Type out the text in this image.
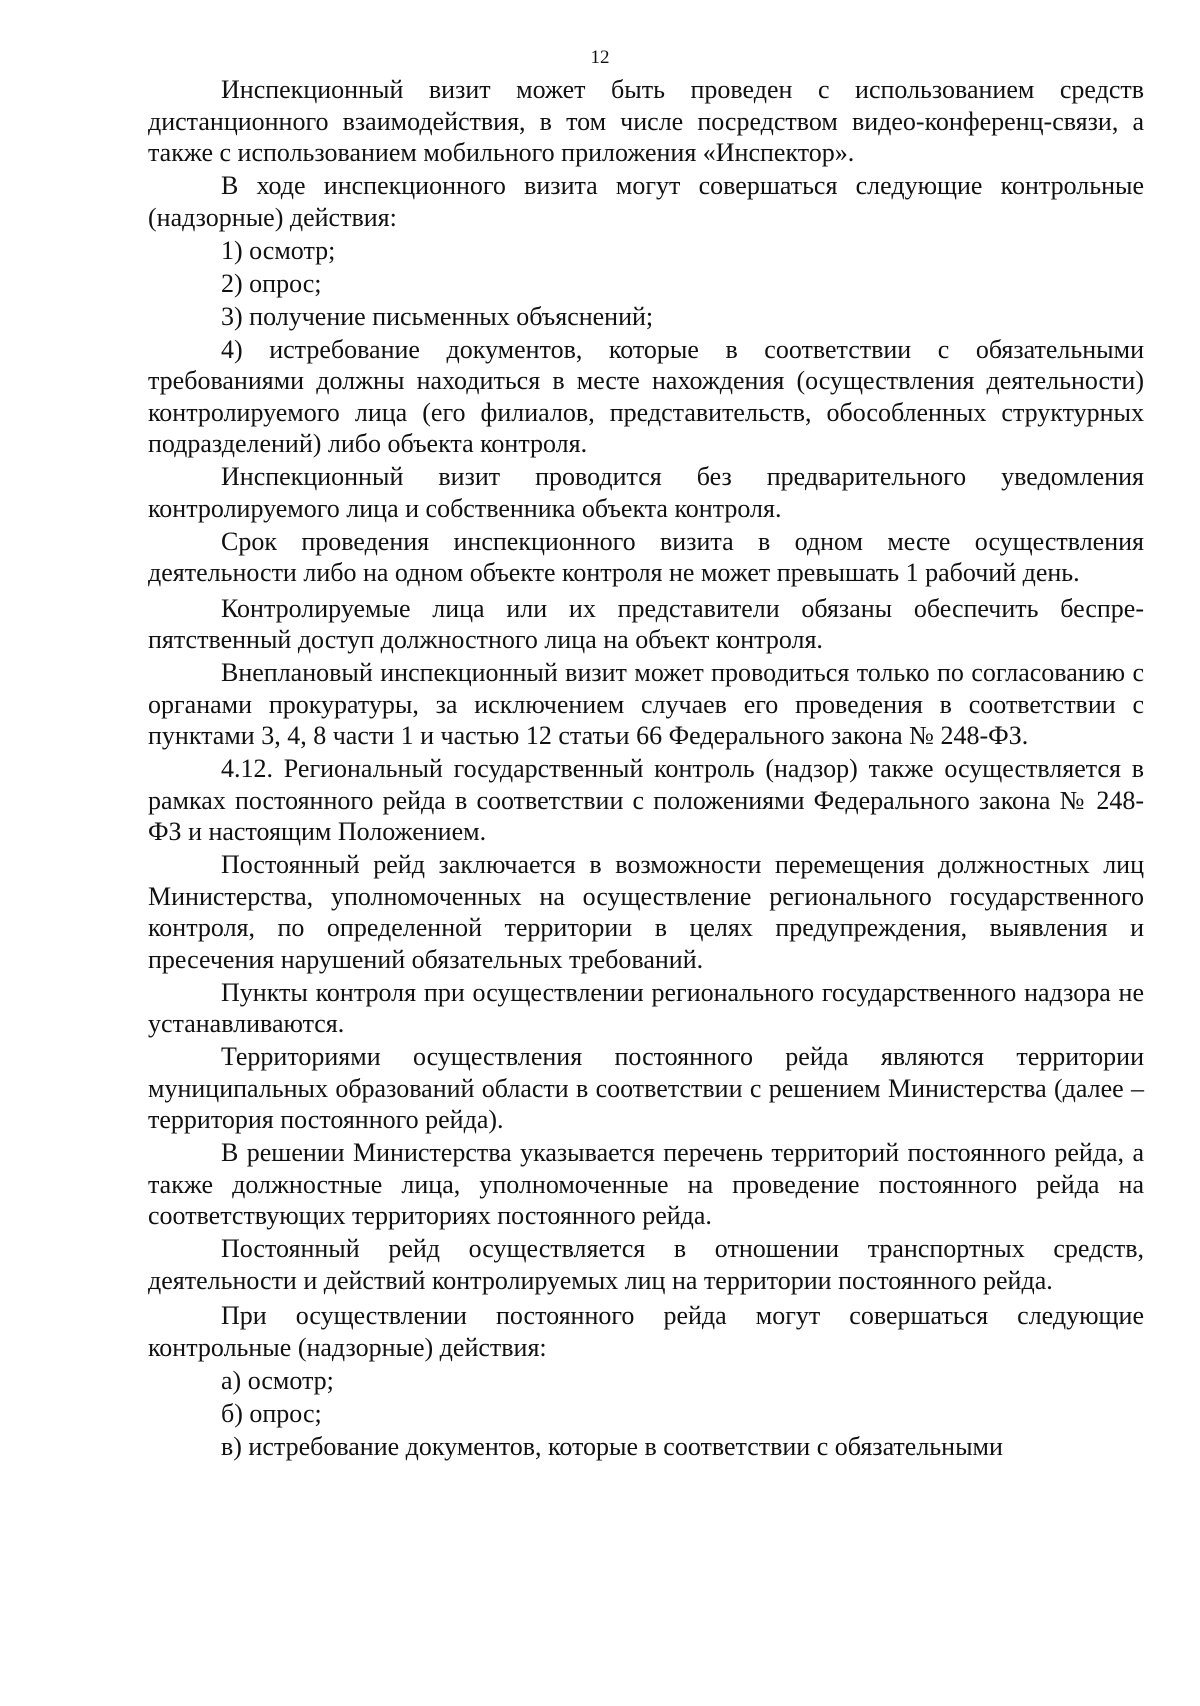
12

Инспекционный визит может быть проведен с использованием средств дистанционного взаимодействия, в том числе посредством видео-конференц-связи, а также с использованием мобильного приложения «Инспектор».

В ходе инспекционного визита могут совершаться следующие контрольные (надзорные) действия:

1) осмотр;

2) опрос;

3) получение письменных объяснений;

4) истребование документов, которые в соответствии с обязательными требованиями должны находиться в месте нахождения (осуществления деятельности) контролируемого лица (его филиалов, представительств, обособленных структурных подразделений) либо объекта контроля.

Инспекционный визит проводится без предварительного уведомления контролируемого лица и собственника объекта контроля.

Срок проведения инспекционного визита в одном месте осуществления деятельности либо на одном объекте контроля не может превышать 1 рабочий день.

Контролируемые лица или их представители обязаны обеспечить беспрепятственный доступ должностного лица на объект контроля.

Внеплановый инспекционный визит может проводиться только по согласованию с органами прокуратуры, за исключением случаев его проведения в соответствии с пунктами 3, 4, 8 части 1 и частью 12 статьи 66 Федерального закона № 248-ФЗ.

4.12. Региональный государственный контроль (надзор) также осуществляется в рамках постоянного рейда в соответствии с положениями Федерального закона № 248-ФЗ и настоящим Положением.

Постоянный рейд заключается в возможности перемещения должностных лиц Министерства, уполномоченных на осуществление регионального государственного контроля, по определенной территории в целях предупреждения, выявления и пресечения нарушений обязательных требований.

Пункты контроля при осуществлении регионального государственного надзора не устанавливаются.

Территориями осуществления постоянного рейда являются территории муниципальных образований области в соответствии с решением Министерства (далее – территория постоянного рейда).

В решении Министерства указывается перечень территорий постоянного рейда, а также должностные лица, уполномоченные на проведение постоянного рейда на соответствующих территориях постоянного рейда.

Постоянный рейд осуществляется в отношении транспортных средств, деятельности и действий контролируемых лиц на территории постоянного рейда.

При осуществлении постоянного рейда могут совершаться следующие контрольные (надзорные) действия:

а) осмотр;

б) опрос;

в) истребование документов, которые в соответствии с обязательными
